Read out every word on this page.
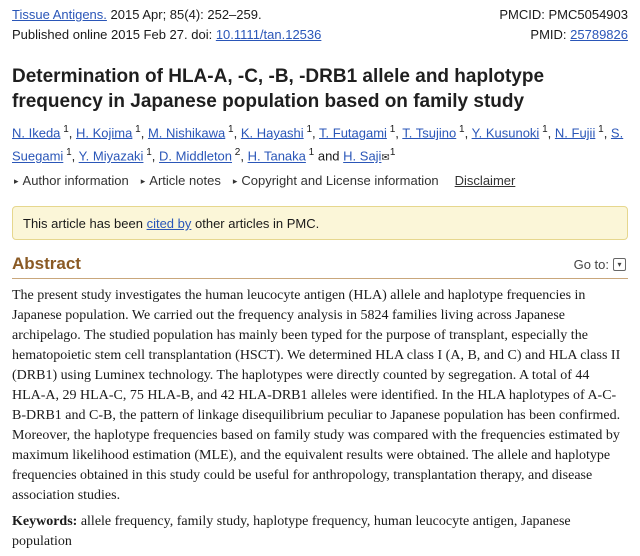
Tissue Antigens. 2015 Apr; 85(4): 252–259.	PMCID: PMC5054903
Published online 2015 Feb 27. doi: 10.1111/tan.12536	PMID: 25789826
Determination of HLA-A, -C, -B, -DRB1 allele and haplotype frequency in Japanese population based on family study
N. Ikeda $^1$, H. Kojima $^1$, M. Nishikawa $^1$, K. Hayashi $^1$, T. Futagami $^1$, T. Tsujino $^1$, Y. Kusunoki $^1$, N. Fujii $^1$, S. Suegami $^1$, Y. Miyazaki $^1$, D. Middleton $^2$, H. Tanaka $^1$ and H. Saji✉$^1$
▸ Author information ▸ Article notes ▸ Copyright and License information Disclaimer
This article has been cited by other articles in PMC.
Abstract	Go to:	▾

The present study investigates the human leucocyte antigen (HLA) allele and haplotype frequencies in Japanese population. We carried out the frequency analysis in 5824 families living across Japanese archipelago. The studied population has mainly been typed for the purpose of transplant, especially the hematopoietic stem cell transplantation (HSCT). We determined HLA class I (A, B, and C) and HLA class II (DRB1) using Luminex technology. The haplotypes were directly counted by segregation. A total of 44 HLA-A, 29 HLA-C, 75 HLA-B, and 42 HLA-DRB1 alleles were identified. In the HLA haplotypes of A-C-B-DRB1 and C-B, the pattern of linkage disequilibrium peculiar to Japanese population has been confirmed. Moreover, the haplotype frequencies based on family study was compared with the frequencies estimated by maximum likelihood estimation (MLE), and the equivalent results were obtained. The allele and haplotype frequencies obtained in this study could be useful for anthropology, transplantation therapy, and disease association studies.

Keywords: allele frequency, family study, haplotype frequency, human leucocyte antigen, Japanese population
